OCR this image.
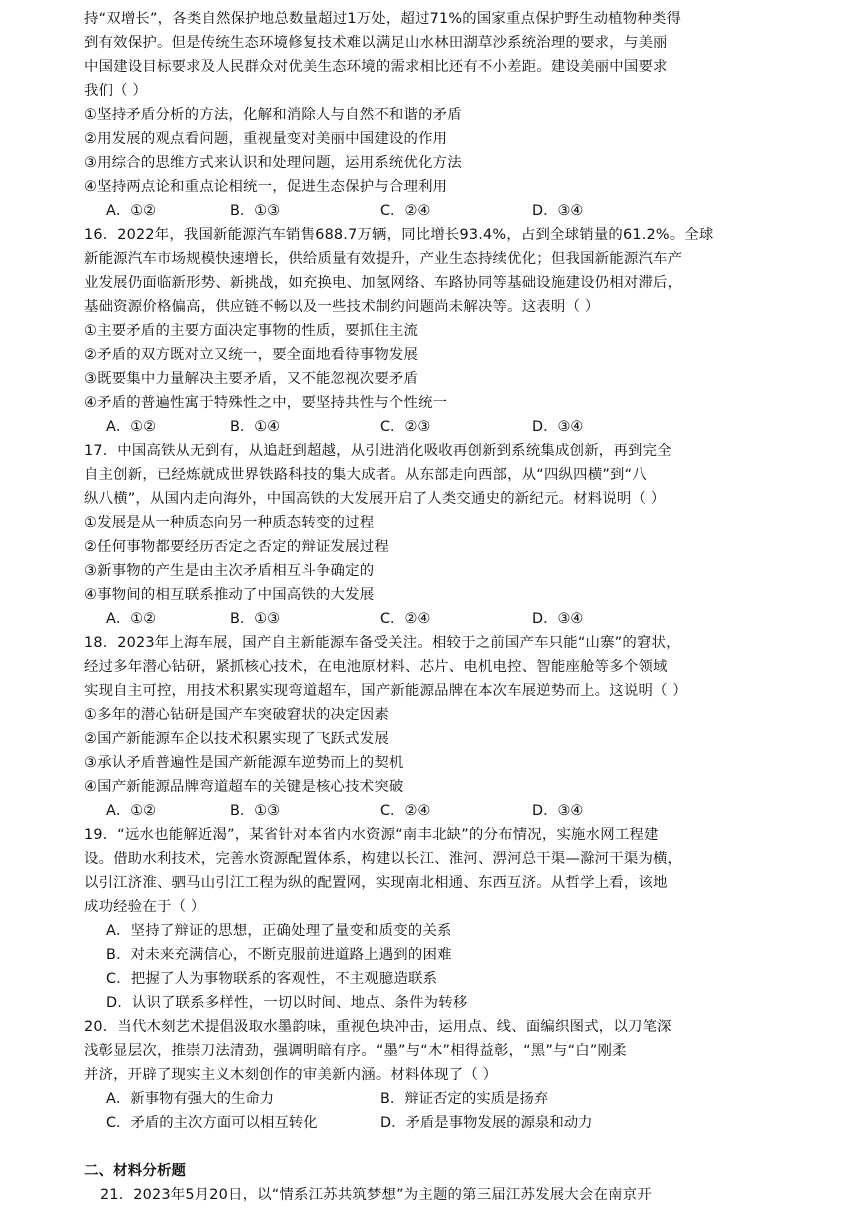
持“双增长”，各类自然保护地总数量超过1万处，超过71%的国家重点保护野生动植物种类得
到有效保护。但是传统生态环境修复技术难以满足山水林田湖草沙系统治理的要求，与美丽
中国建设目标要求及人民群众对优美生态环境的需求相比还有不小差距。建设美丽中国要求
我们（ ）
①坚持矛盾分析的方法，化解和消除人与自然不和谐的矛盾
②用发展的观点看问题，重视量变对美丽中国建设的作用
③用综合的思维方式来认识和处理问题，运用系统优化方法
④坚持两点论和重点论相统一，促进生态保护与合理利用
A．①②	B．①③	C．②④	D．③④
16．2022年，我国新能源汽车销售688.7万辆，同比增长93.4%，占到全球销量的61.2%。全球
新能源汽车市场规模快速增长，供给质量有效提升，产业生态持续优化；但我国新能源汽车产
业发展仍面临新形势、新挑战，如充换电、加氢网络、车路协同等基础设施建设仍相对滞后，
基础资源价格偏高，供应链不畅以及一些技术制约问题尚未解决等。这表明（ ）
①主要矛盾的主要方面决定事物的性质，要抓住主流
②矛盾的双方既对立又统一，要全面地看待事物发展
③既要集中力量解决主要矛盾，又不能忽视次要矛盾
④矛盾的普遍性寓于特殊性之中，要坚持共性与个性统一
A．①②	B．①④	C．②③	D．③④
17．中国高铁从无到有，从追赶到超越，从引进消化吸收再创新到系统集成创新，再到完全
自主创新，已经炼就成世界铁路科技的集大成者。从东部走向西部，从“四纵四横”到“八
纵八横”，从国内走向海外，中国高铁的大发展开启了人类交通史的新纪元。材料说明（ ）
①发展是从一种质态向另一种质态转变的过程
②任何事物都要经历否定之否定的辩证发展过程
③新事物的产生是由主次矛盾相互斗争确定的
④事物间的相互联系推动了中国高铁的大发展
A．①②	B．①③	C．②④	D．③④
18．2023年上海车展，国产自主新能源车备受关注。相较于之前国产车只能“山寨”的窘状，
经过多年潜心钻研，紧抓核心技术，在电池原材料、芯片、电机电控、智能座舱等多个领域
实现自主可控，用技术积累实现弯道超车，国产新能源品牌在本次车展逆势而上。这说明（ ）
①多年的潜心钻研是国产车突破窘状的决定因素
②国产新能源车企以技术积累实现了飞跃式发展
③承认矛盾普遍性是国产新能源车逆势而上的契机
④国产新能源品牌弯道超车的关键是核心技术突破
A．①②	B．①③	C．②④	D．③④
19．“远水也能解近渴”，某省针对本省内水资源“南丰北缺”的分布情况，实施水网工程建
设。借助水利技术，完善水资源配置体系，构建以长江、淮河、淠河总干渠—滁河干渠为横，
以引江济淮、驷马山引江工程为纵的配置网，实现南北相通、东西互济。从哲学上看，该地
成功经验在于（ ）
A．坚持了辩证的思想，正确处理了量变和质变的关系
B．对未来充满信心，不断克服前进道路上遇到的困难
C．把握了人为事物联系的客观性，不主观臆造联系
D．认识了联系多样性，一切以时间、地点、条件为转移
20．当代木刻艺术提倡汲取水墨韵味，重视色块冲击，运用点、线、面编织图式，以刀笔深
浅彰显层次，推崇刀法清劲，强调明暗有序。“墨”与“木”相得益彰，“黑”与“白”刚柔
并济，开辟了现实主义木刻创作的审美新内涵。材料体现了（ ）
A．新事物有强大的生命力	B．辩证否定的实质是扬弃
C．矛盾的主次方面可以相互转化	D．矛盾是事物发展的源泉和动力
二、材料分析题
21．2023年5月20日，以“情系江苏共筑梦想”为主题的第三届江苏发展大会在南京开
